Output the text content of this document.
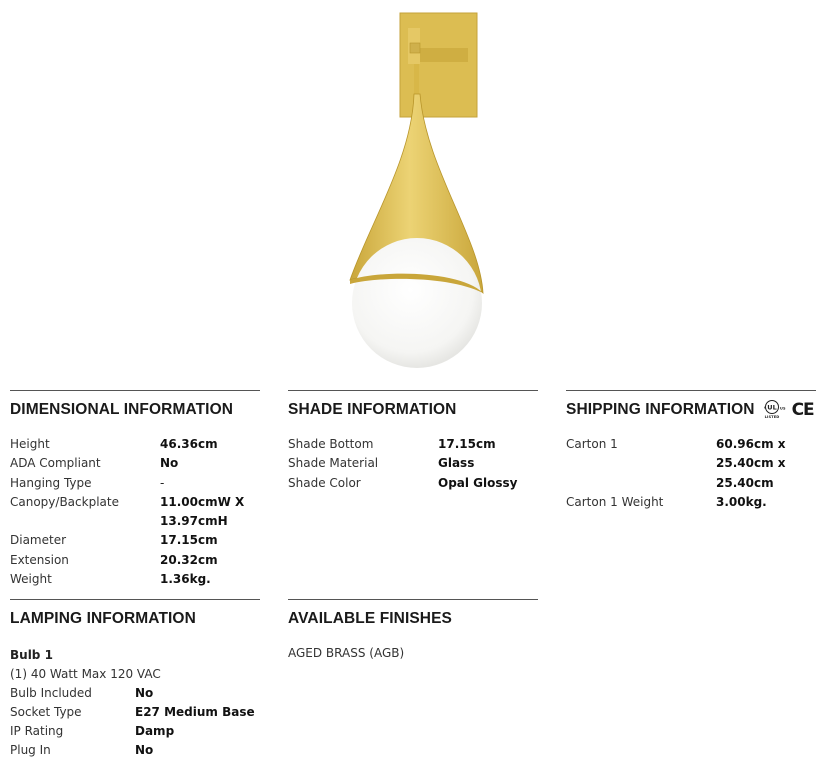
DIMENSIONAL INFORMATION
Height	46.36cm
ADA Compliant	No
Hanging Type	-
Canopy/Backplate	11.00cmW X 13.97cmH
Diameter	17.15cm
Extension	20.32cm
Weight	1.36kg.
SHADE INFORMATION
Shade Bottom	17.15cm
Shade Material	Glass
Shade Color	Opal Glossy
SHIPPING INFORMATION UL
c	US
LISTED CE
Carton 1	60.96cm x 25.40cm x 25.40cm
Carton 1 Weight	3.00kg.
LAMPING INFORMATION
Bulb 1
(1) 40 Watt Max 120 VAC
Bulb Included	No
Socket Type	E27 Medium Base
IP Rating	Damp
Plug In	No
AVAILABLE FINISHES
AGED BRASS (AGB)
